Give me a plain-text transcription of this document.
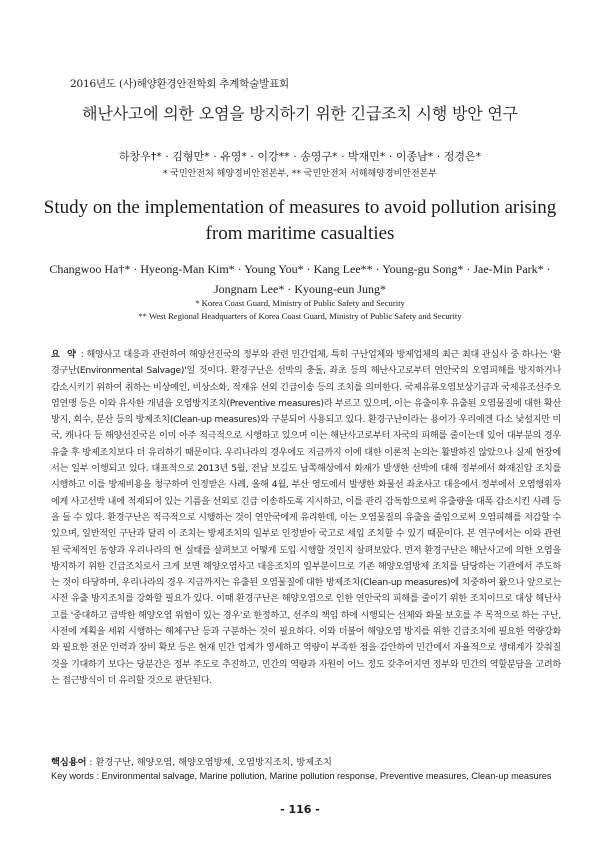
2016년도 (사)해양환경안전학회 추계학술발표회
해난사고에 의한 오염을 방지하기 위한 긴급조치 시행 방안 연구
하창우†* · 김형만* · 유영* · 이강** · 송영구* · 박재민* · 이종남* · 정경은*
* 국민안전처 해양경비안전본부, ** 국민안전처 서해해양경비안전본부
Study on the implementation of measures to avoid pollution arising from maritime casualties
Changwoo Ha†* · Hyeong-Man Kim* · Young You* · Kang Lee** · Young-gu Song* · Jae-Min Park* ·
Jongnam Lee* · Kyoung-eun Jung*
* Korea Coast Guard, Ministry of Public Safety and Security
** West Regional Headquarters of Korea Coast Guard, Ministry of Public Safety and Security
요 약 : 해양사고 대응과 관련하여 해양선진국의 정부와 관련 민간업체, 특히 구난업체와 방제업체의 최근 최대 관심사 중 하나는 '환경구난(Environmental Salvage)'일 것이다. 환경구난은 선박의 충돌, 좌초 등의 해난사고로부터 연안국의 오염피해를 방지하거나 감소시키기 위하여 취하는 비상예인, 비상소화, 적재유 선외 긴급이송 등의 조치를 의미한다. 국제유류오염보상기금과 국제유조선주오염연맹 등은 이와 유사한 개념을 오염방지조치(Preventive measures)라 부르고 있으며, 이는 유출이후 유출된 오염물질에 대한 확산방지, 회수, 분산 등의 방제조치(Clean-up measures)와 구분되어 사용되고 있다. 환경구난이라는 용어가 우리에겐 다소 낯설지만 미국, 캐나다 등 해양선진국은 이미 아주 적극적으로 시행하고 있으며 이는 해난사고로부터 자국의 피해를 줄이는데 있어 대부분의 경우 유출 후 방제조치보다 더 유리하기 때문이다. 우리나라의 경우에도 지금까지 이에 대한 이론적 논의는 활발하진 않았으나 실제 현장에서는 일부 이행되고 있다. 대표적으로 2013년 5월, 전남 보길도 남쪽해상에서 화재가 발생한 선박에 대해 정부에서 화재진압 조치를 시행하고 이를 방제비용을 청구하여 인정받은 사례, 올해 4월, 부산 영도에서 발생한 화물선 좌초사고 대응에서 정부에서 오염행위자에게 사고선박 내에 적재되어 있는 기름을 선외로 긴급 이송하도록 지시하고, 이를 관리 감독함으로써 유출량을 대폭 감소시킨 사례 등을 들 수 있다. 환경구난은 적극적으로 시행하는 것이 연안국에게 유리한데, 이는 오염물질의 유출을 줄임으로써 오염피해를 저감할 수 있으며, 일반적인 구난과 달리 이 조치는 방제조치의 일부로 인정받아 국고로 세입 조치할 수 있기 때문이다. 본 연구에서는 이와 관련된 국제적인 동향과 우리나라의 현 실태를 살펴보고 어떻게 도입 시행할 것인지 살펴보았다. 먼저 환경구난은 해난사고에 의한 오염을 방지하기 위한 긴급조치로서 크게 보면 해양오염사고 대응조치의 일부분이므로 기존 해양오염방제 조치를 담당하는 기관에서 주도하는 것이 타당하며, 우리나라의 경우 지금까지는 유출된 오염물질에 대한 방제조치(Clean-up measures)에 치중하여 왔으나 앞으로는 사전 유출 방지조치를 강화할 필요가 있다. 이때 환경구난은 해양오염으로 인한 연안국의 피해를 줄이기 위한 조치이므로 대상 해난사고를 '중대하고 급박한 해양오염 위험이 있는 경우'로 한정하고, 선주의 책임 하에 시행되는 선체와 화물 보호를 주 목적으로 하는 구난, 사전에 계획을 세워 시행하는 해체구난 등과 구분하는 것이 필요하다. 이와 더불어 해양오염 방지를 위한 긴급조치에 필요한 역량강화와 필요한 전문 인력과 장비 확보 등은 현재 민간 업계가 영세하고 역량이 부족한 점을 감안하여 민간에서 자율적으로 생태계가 갖춰질 것을 기대하기 보다는 당분간은 정부 주도로 추진하고, 민간의 역량과 자원이 어느 정도 갖추어지면 정부와 민간의 역할분담을 고려하는 접근방식이 더 유리할 것으로 판단된다.
핵심용어 : 환경구난, 해양오염, 해양오염방제, 오염방지조치, 방제조치
Key words : Environmental salvage, Marine pollution, Marine pollution response, Preventive measures, Clean-up measures
- 116 -
